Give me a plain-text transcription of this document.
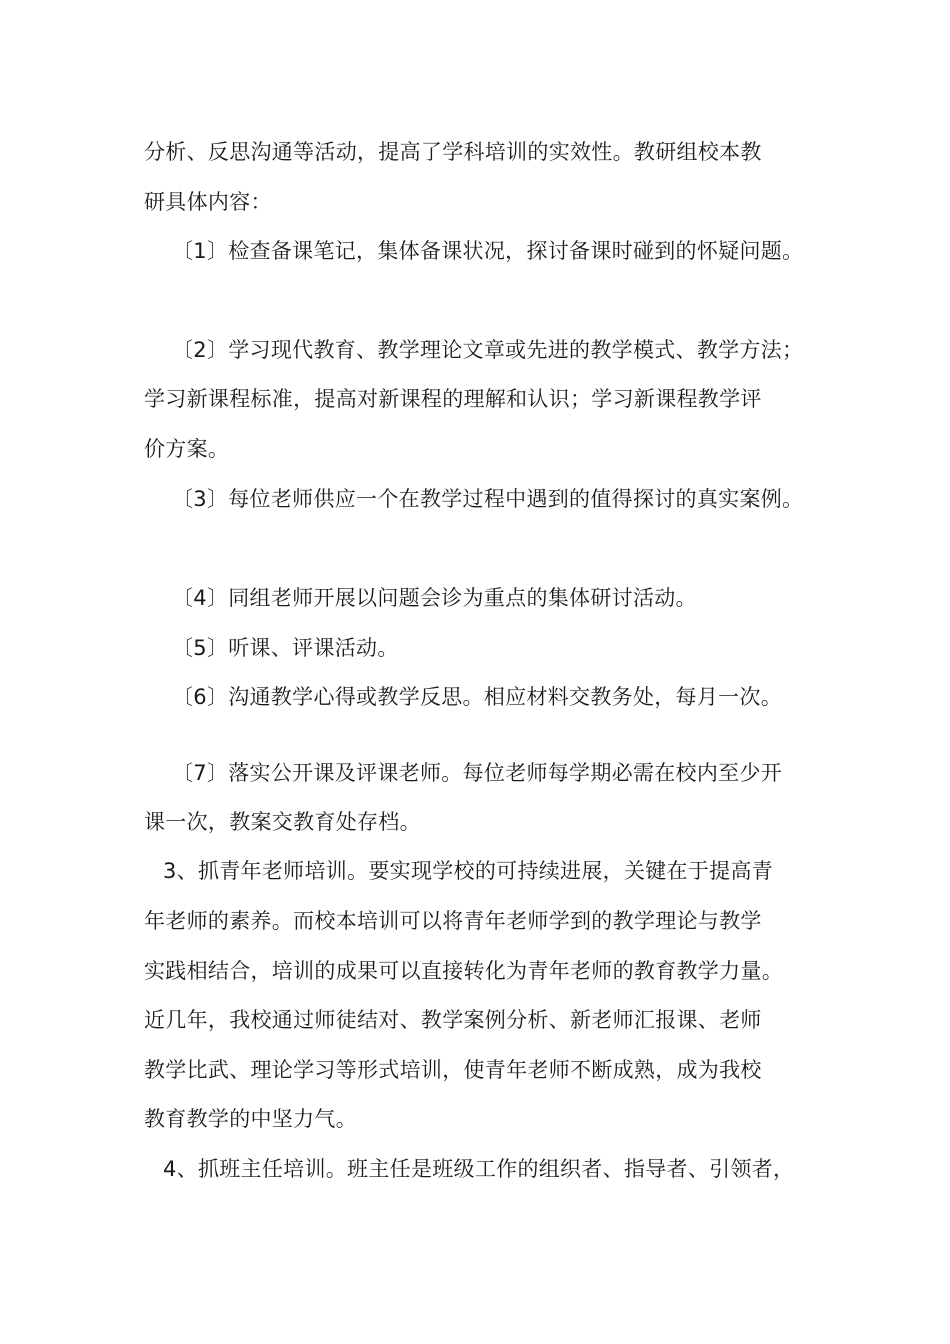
分析、反思沟通等活动，提高了学科培训的实效性。教研组校本教
研具体内容：
〔1〕检查备课笔记，集体备课状况，探讨备课时碰到的怀疑问题。
〔2〕学习现代教育、教学理论文章或先进的教学模式、教学方法；
学习新课程标准，提高对新课程的理解和认识；学习新课程教学评
价方案。
〔3〕每位老师供应一个在教学过程中遇到的值得探讨的真实案例。
〔4〕同组老师开展以问题会诊为重点的集体研讨活动。
〔5〕听课、评课活动。
〔6〕沟通教学心得或教学反思。相应材料交教务处，每月一次。
〔7〕落实公开课及评课老师。每位老师每学期必需在校内至少开
课一次，教案交教育处存档。
3、抓青年老师培训。要实现学校的可持续进展，关键在于提高青
年老师的素养。而校本培训可以将青年老师学到的教学理论与教学
实践相结合，培训的成果可以直接转化为青年老师的教育教学力量。
近几年，我校通过师徒结对、教学案例分析、新老师汇报课、老师
教学比武、理论学习等形式培训，使青年老师不断成熟，成为我校
教育教学的中坚力气。
4、抓班主任培训。班主任是班级工作的组织者、指导者、引领者，
